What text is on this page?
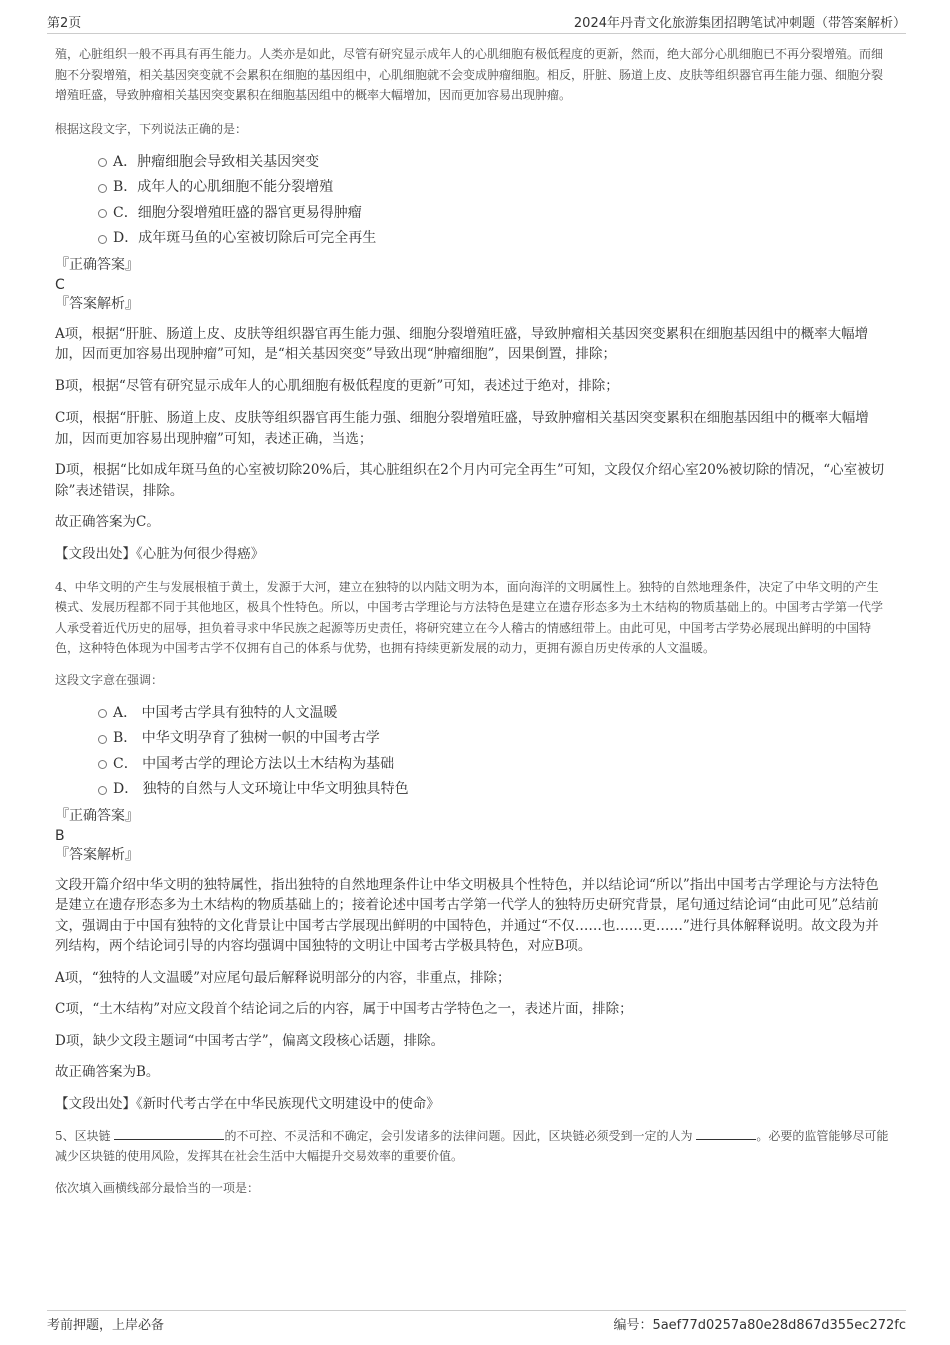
第2页	2024年丹青文化旅游集团招聘笔试冲刺题（带答案解析）

殖，心脏组织一般不再具有再生能力。人类亦是如此，尽管有研究显示成年人的心肌细胞有极低程度的更新，然而，绝大部分心肌细胞已不再分裂增殖。而细胞不分裂增殖，相关基因突变就不会累积在细胞的基因组中，心肌细胞就不会变成肿瘤细胞。相反，肝脏、肠道上皮、皮肤等组织器官再生能力强、细胞分裂增殖旺盛，导致肿瘤相关基因突变累积在细胞基因组中的概率大幅增加，因而更加容易出现肿瘤。

根据这段文字，下列说法正确的是：

A．肿瘤细胞会导致相关基因突变
B．成年人的心肌细胞不能分裂增殖
C．细胞分裂增殖旺盛的器官更易得肿瘤
D．成年斑马鱼的心室被切除后可完全再生

『正确答案』

C

『答案解析』

A项，根据“肝脏、肠道上皮、皮肤等组织器官再生能力强、细胞分裂增殖旺盛，导致肿瘤相关基因突变累积在细胞基因组中的概率大幅增加，因而更加容易出现肿瘤”可知，是“相关基因突变”导致出现“肿瘤细胞”，因果倒置，排除；

B项，根据“尽管有研究显示成年人的心肌细胞有极低程度的更新”可知，表述过于绝对，排除；

C项，根据“肝脏、肠道上皮、皮肤等组织器官再生能力强、细胞分裂增殖旺盛，导致肿瘤相关基因突变累积在细胞基因组中的概率大幅增加，因而更加容易出现肿瘤”可知，表述正确，当选；

D项，根据“比如成年斑马鱼的心室被切除20%后，其心脏组织在2个月内可完全再生”可知，文段仅介绍心室20%被切除的情况，“心室被切除”表述错误，排除。

故正确答案为C。

【文段出处】《心脏为何很少得癌》

4、中华文明的产生与发展根植于黄土，发源于大河，建立在独特的以内陆文明为本，面向海洋的文明属性上。独特的自然地理条件，决定了中华文明的产生模式、发展历程都不同于其他地区，极具个性特色。所以，中国考古学理论与方法特色是建立在遗存形态多为土木结构的物质基础上的。中国考古学第一代学人承受着近代历史的屈辱，担负着寻求中华民族之起源等历史责任，将研究建立在今人稽古的情感纽带上。由此可见，中国考古学势必展现出鲜明的中国特色，这种特色体现为中国考古学不仅拥有自己的体系与优势，也拥有持续更新发展的动力，更拥有源自历史传承的人文温暖。

这段文字意在强调：

A． 中国考古学具有独特的人文温暖
B． 中华文明孕育了独树一帜的中国考古学
C． 中国考古学的理论方法以土木结构为基础
D． 独特的自然与人文环境让中华文明独具特色

『正确答案』

B

『答案解析』

文段开篇介绍中华文明的独特属性，指出独特的自然地理条件让中华文明极具个性特色，并以结论词“所以”指出中国考古学理论与方法特色是建立在遗存形态多为土木结构的物质基础上的；接着论述中国考古学第一代学人的独特历史研究背景，尾句通过结论词“由此可见”总结前文，强调由于中国有独特的文化背景让中国考古学展现出鲜明的中国特色，并通过“不仅……也……更……”进行具体解释说明。故文段为并列结构，两个结论词引导的内容均强调中国独特的文明让中国考古学极具特色，对应B项。

A项，“独特的人文温暖”对应尾句最后解释说明部分的内容，非重点，排除；

C项，“土木结构”对应文段首个结论词之后的内容，属于中国考古学特色之一，表述片面，排除；

D项，缺少文段主题词“中国考古学”，偏离文段核心话题，排除。

故正确答案为B。

【文段出处】《新时代考古学在中华民族现代文明建设中的使命》

5、区块链	的不可控、不灵活和不确定，会引发诸多的法律问题。因此，区块链必须受到一定的人为	。必要的监管能够尽可能减少区块链的使用风险，发挥其在社会生活中大幅提升交易效率的重要价值。

依次填入画横线部分最恰当的一项是：

考前押题，上岸必备	编号：5aef77d0257a80e28d867d355ec272fc
